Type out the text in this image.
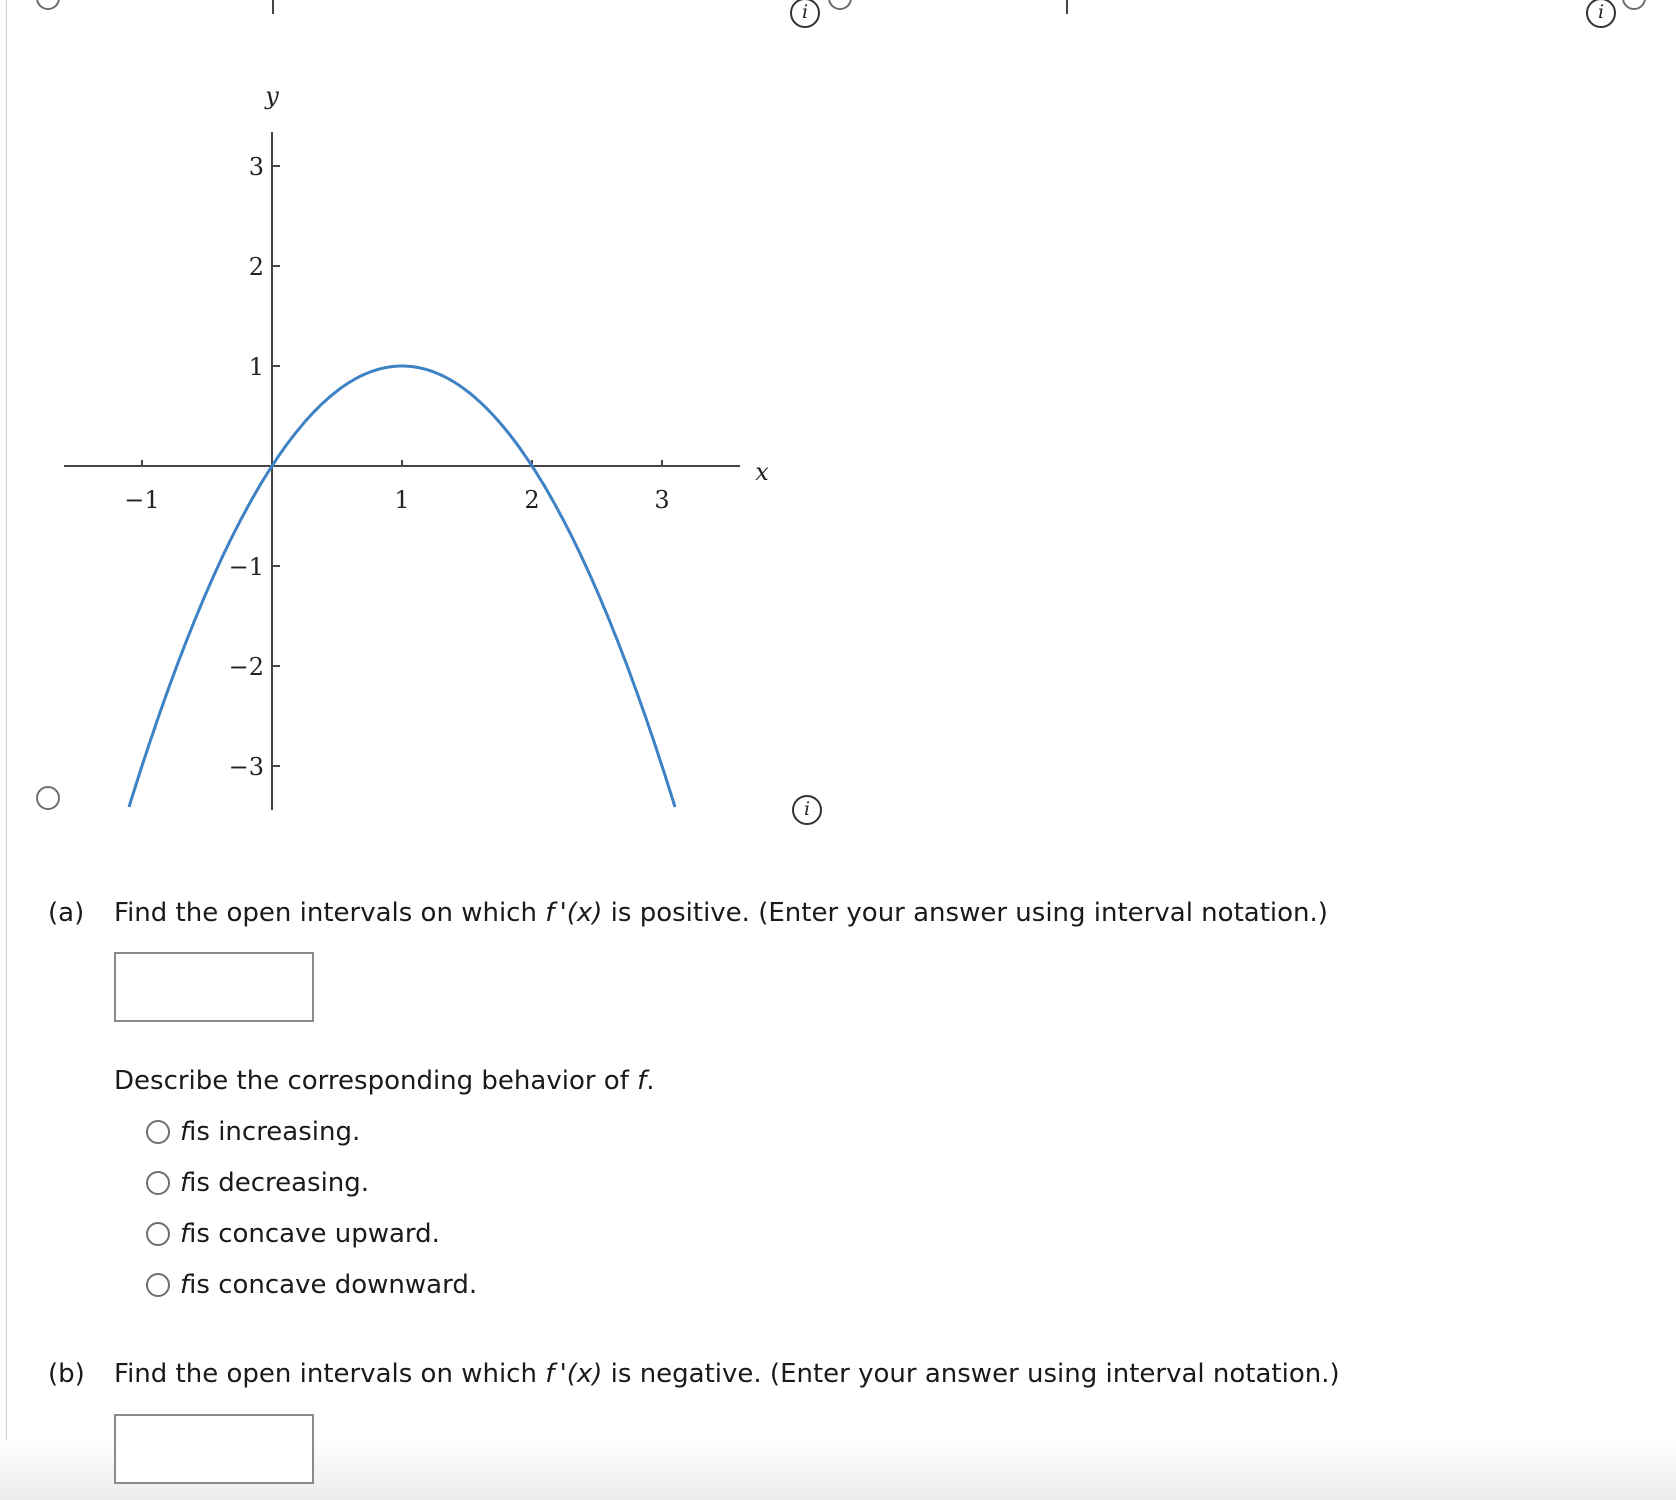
i	i
−1	1	2	3
3
2
1
−1
−2
−3
x
y
i
(a) Find the open intervals on which f '(x) is positive. (Enter your answer using interval notation.)
Describe the corresponding behavior of f.
f is increasing.
f is decreasing.
f is concave upward.
f is concave downward.
(b) Find the open intervals on which f '(x) is negative. (Enter your answer using interval notation.)
